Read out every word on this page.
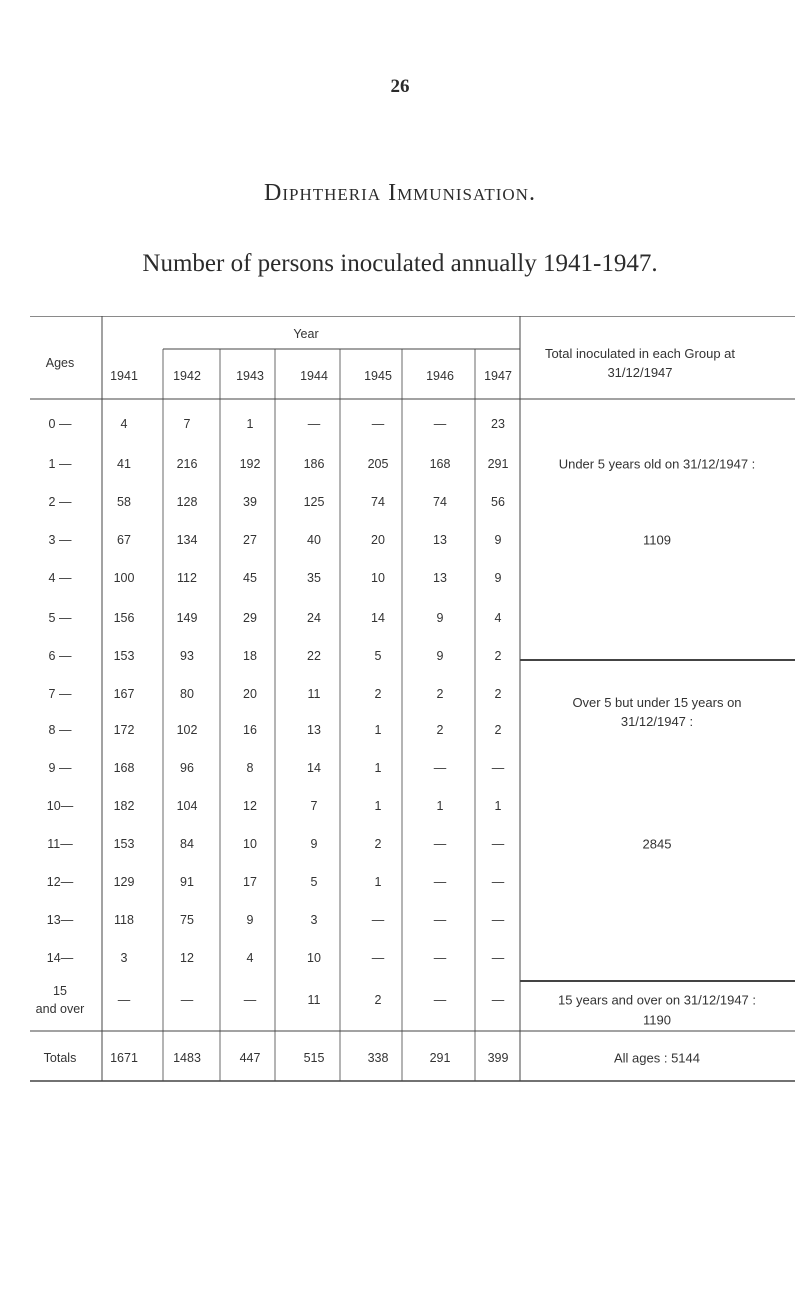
26
Diphtheria Immunisation.
Number of persons inoculated annually 1941-1947.
Ages
Year
Total inoculated in each Group at 31/12/1947
1941	1942	1943	1944	1945	1946 1947
0 —	4	7	1	—	—	—	23
1 —	41	216	192	186	205	168	291
2 —	58	128	39	125	74	74	56
3 —	67	134	27	40	20	13	9
4 —	100	112	45	35	10	13	9
5 —	156	149	29	24	14	9	4
6 —	153	93	18	22	5	9	2
7 —	167	80	20	11	2	2	2
8 —	172	102	16	13	1	2	2
9 —	168	96	8	14	1	—	—
10—	182	104	12	7	1	1	1
11—	153	84	10	9	2	—	—
12—	129	91	17	5	1	—	—
13—	118	75	9	3	—	—	—
14—	3	12	4	10	—	—	—
15
and over
—	—	—	11	2	—	—
Totals	1671	1483	447	515	338	291	399
Under 5 years old on 31/12/1947 :
1109
Over 5 but under 15 years on 31/12/1947 :
2845
15 years and over on 31/12/1947 :
1190
All ages : 5144
